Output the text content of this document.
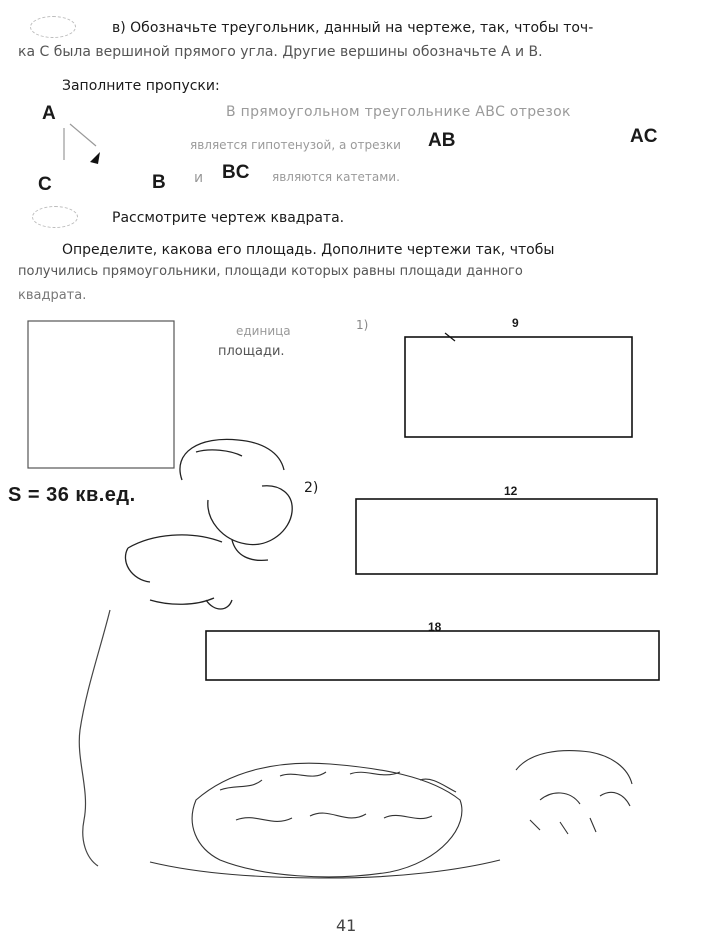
в) Обозначьте треугольник, данный на чертеже, так, чтобы точ-
ка С была вершиной прямого угла. Другие вершины обозначьте А и В.
Заполните пропуски:
В прямоугольном треугольнике АВС отрезок
является гипотенузой, а отрезки
и	являются катетами.
AB	AC
BC
A
C	B
Рассмотрите чертеж квадрата.
Определите, какова его площадь. Дополните чертежи так, чтобы
получились прямоугольники, площади которых равны площади данного
квадрата.
единица
площади.
1)
2)
S = 36 кв.ед.
9
12
18
41
